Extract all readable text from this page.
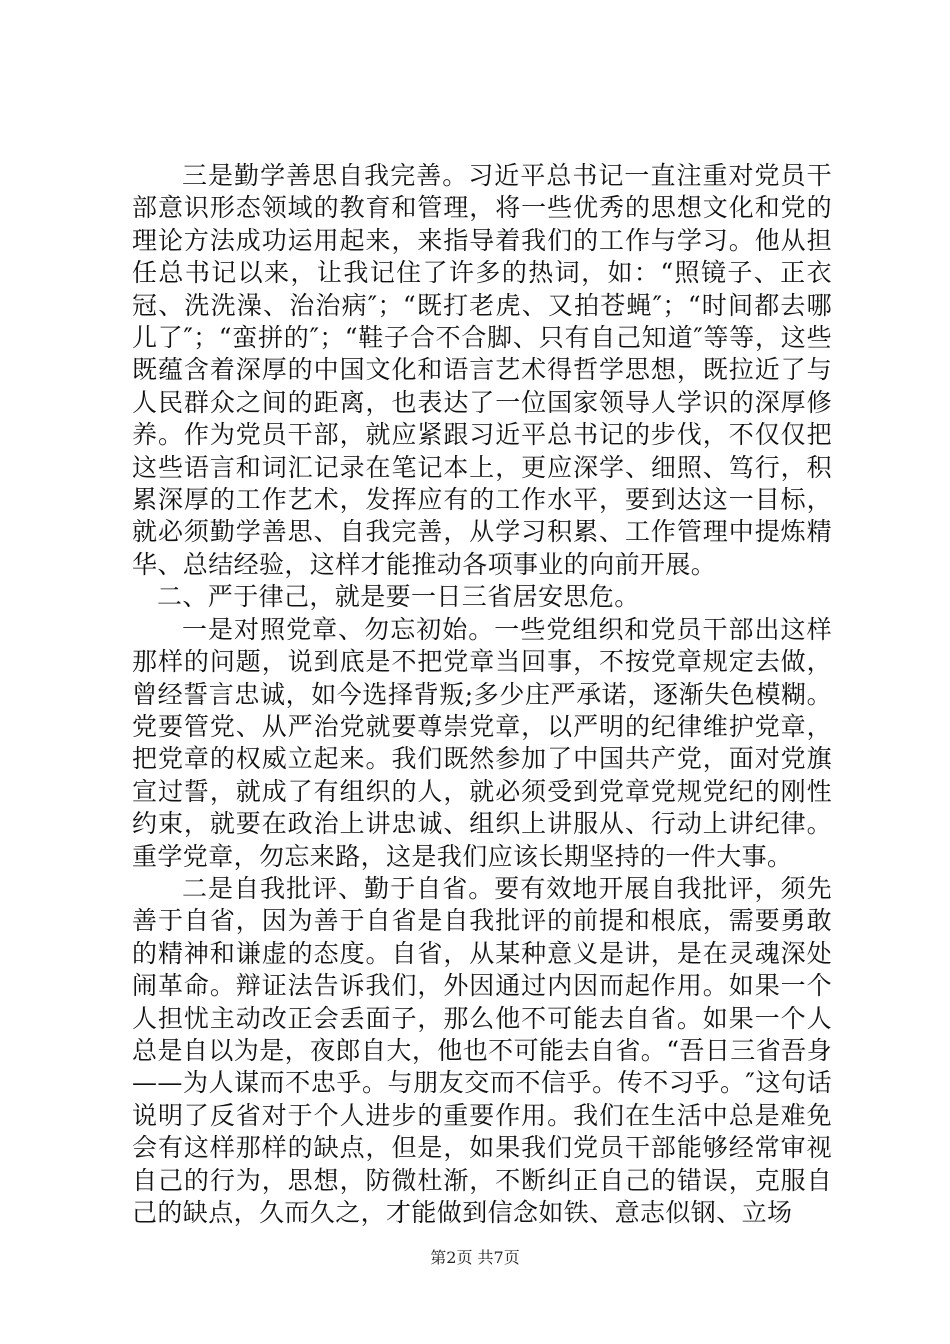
三是勤学善思自我完善。习近平总书记一直注重对党员干部意识形态领域的教育和管理，将一些优秀的思想文化和党的理论方法成功运用起来，来指导着我们的工作与学习。他从担任总书记以来，让我记住了许多的热词，如：“照镜子、正衣冠、洗洗澡、治治病″；“既打老虎、又拍苍蝇″；“时间都去哪儿了″；“蛮拼的″；“鞋子合不合脚、只有自己知道″等等，这些既蕴含着深厚的中国文化和语言艺术得哲学思想，既拉近了与人民群众之间的距离，也表达了一位国家领导人学识的深厚修养。作为党员干部，就应紧跟习近平总书记的步伐，不仅仅把这些语言和词汇记录在笔记本上，更应深学、细照、笃行，积累深厚的工作艺术，发挥应有的工作水平，要到达这一目标，就必须勤学善思、自我完善，从学习积累、工作管理中提炼精华、总结经验，这样才能推动各项事业的向前开展。

二、严于律己，就是要一日三省居安思危。

一是对照党章、勿忘初始。一些党组织和党员干部出这样那样的问题，说到底是不把党章当回事，不按党章规定去做，曾经誓言忠诚，如今选择背叛;多少庄严承诺，逐渐失色模糊。党要管党、从严治党就要尊崇党章，以严明的纪律维护党章，把党章的权威立起来。我们既然参加了中国共产党，面对党旗宣过誓，就成了有组织的人，就必须受到党章党规党纪的刚性约束，就要在政治上讲忠诚、组织上讲服从、行动上讲纪律。重学党章，勿忘来路，这是我们应该长期坚持的一件大事。

二是自我批评、勤于自省。要有效地开展自我批评，须先善于自省，因为善于自省是自我批评的前提和根底，需要勇敢的精神和谦虚的态度。自省，从某种意义是讲，是在灵魂深处闹革命。辩证法告诉我们，外因通过内因而起作用。如果一个人担忧主动改正会丢面子，那么他不可能去自省。如果一个人总是自以为是，夜郎自大，他也不可能去自省。“吾日三省吾身——为人谋而不忠乎。与朋友交而不信乎。传不习乎。″这句话说明了反省对于个人进步的重要作用。我们在生活中总是难免会有这样那样的缺点，但是，如果我们党员干部能够经常审视自己的行为，思想，防微杜渐，不断纠正自己的错误，克服自己的缺点，久而久之，才能做到信念如铁、意志似钢、立场

第2页 共7页
